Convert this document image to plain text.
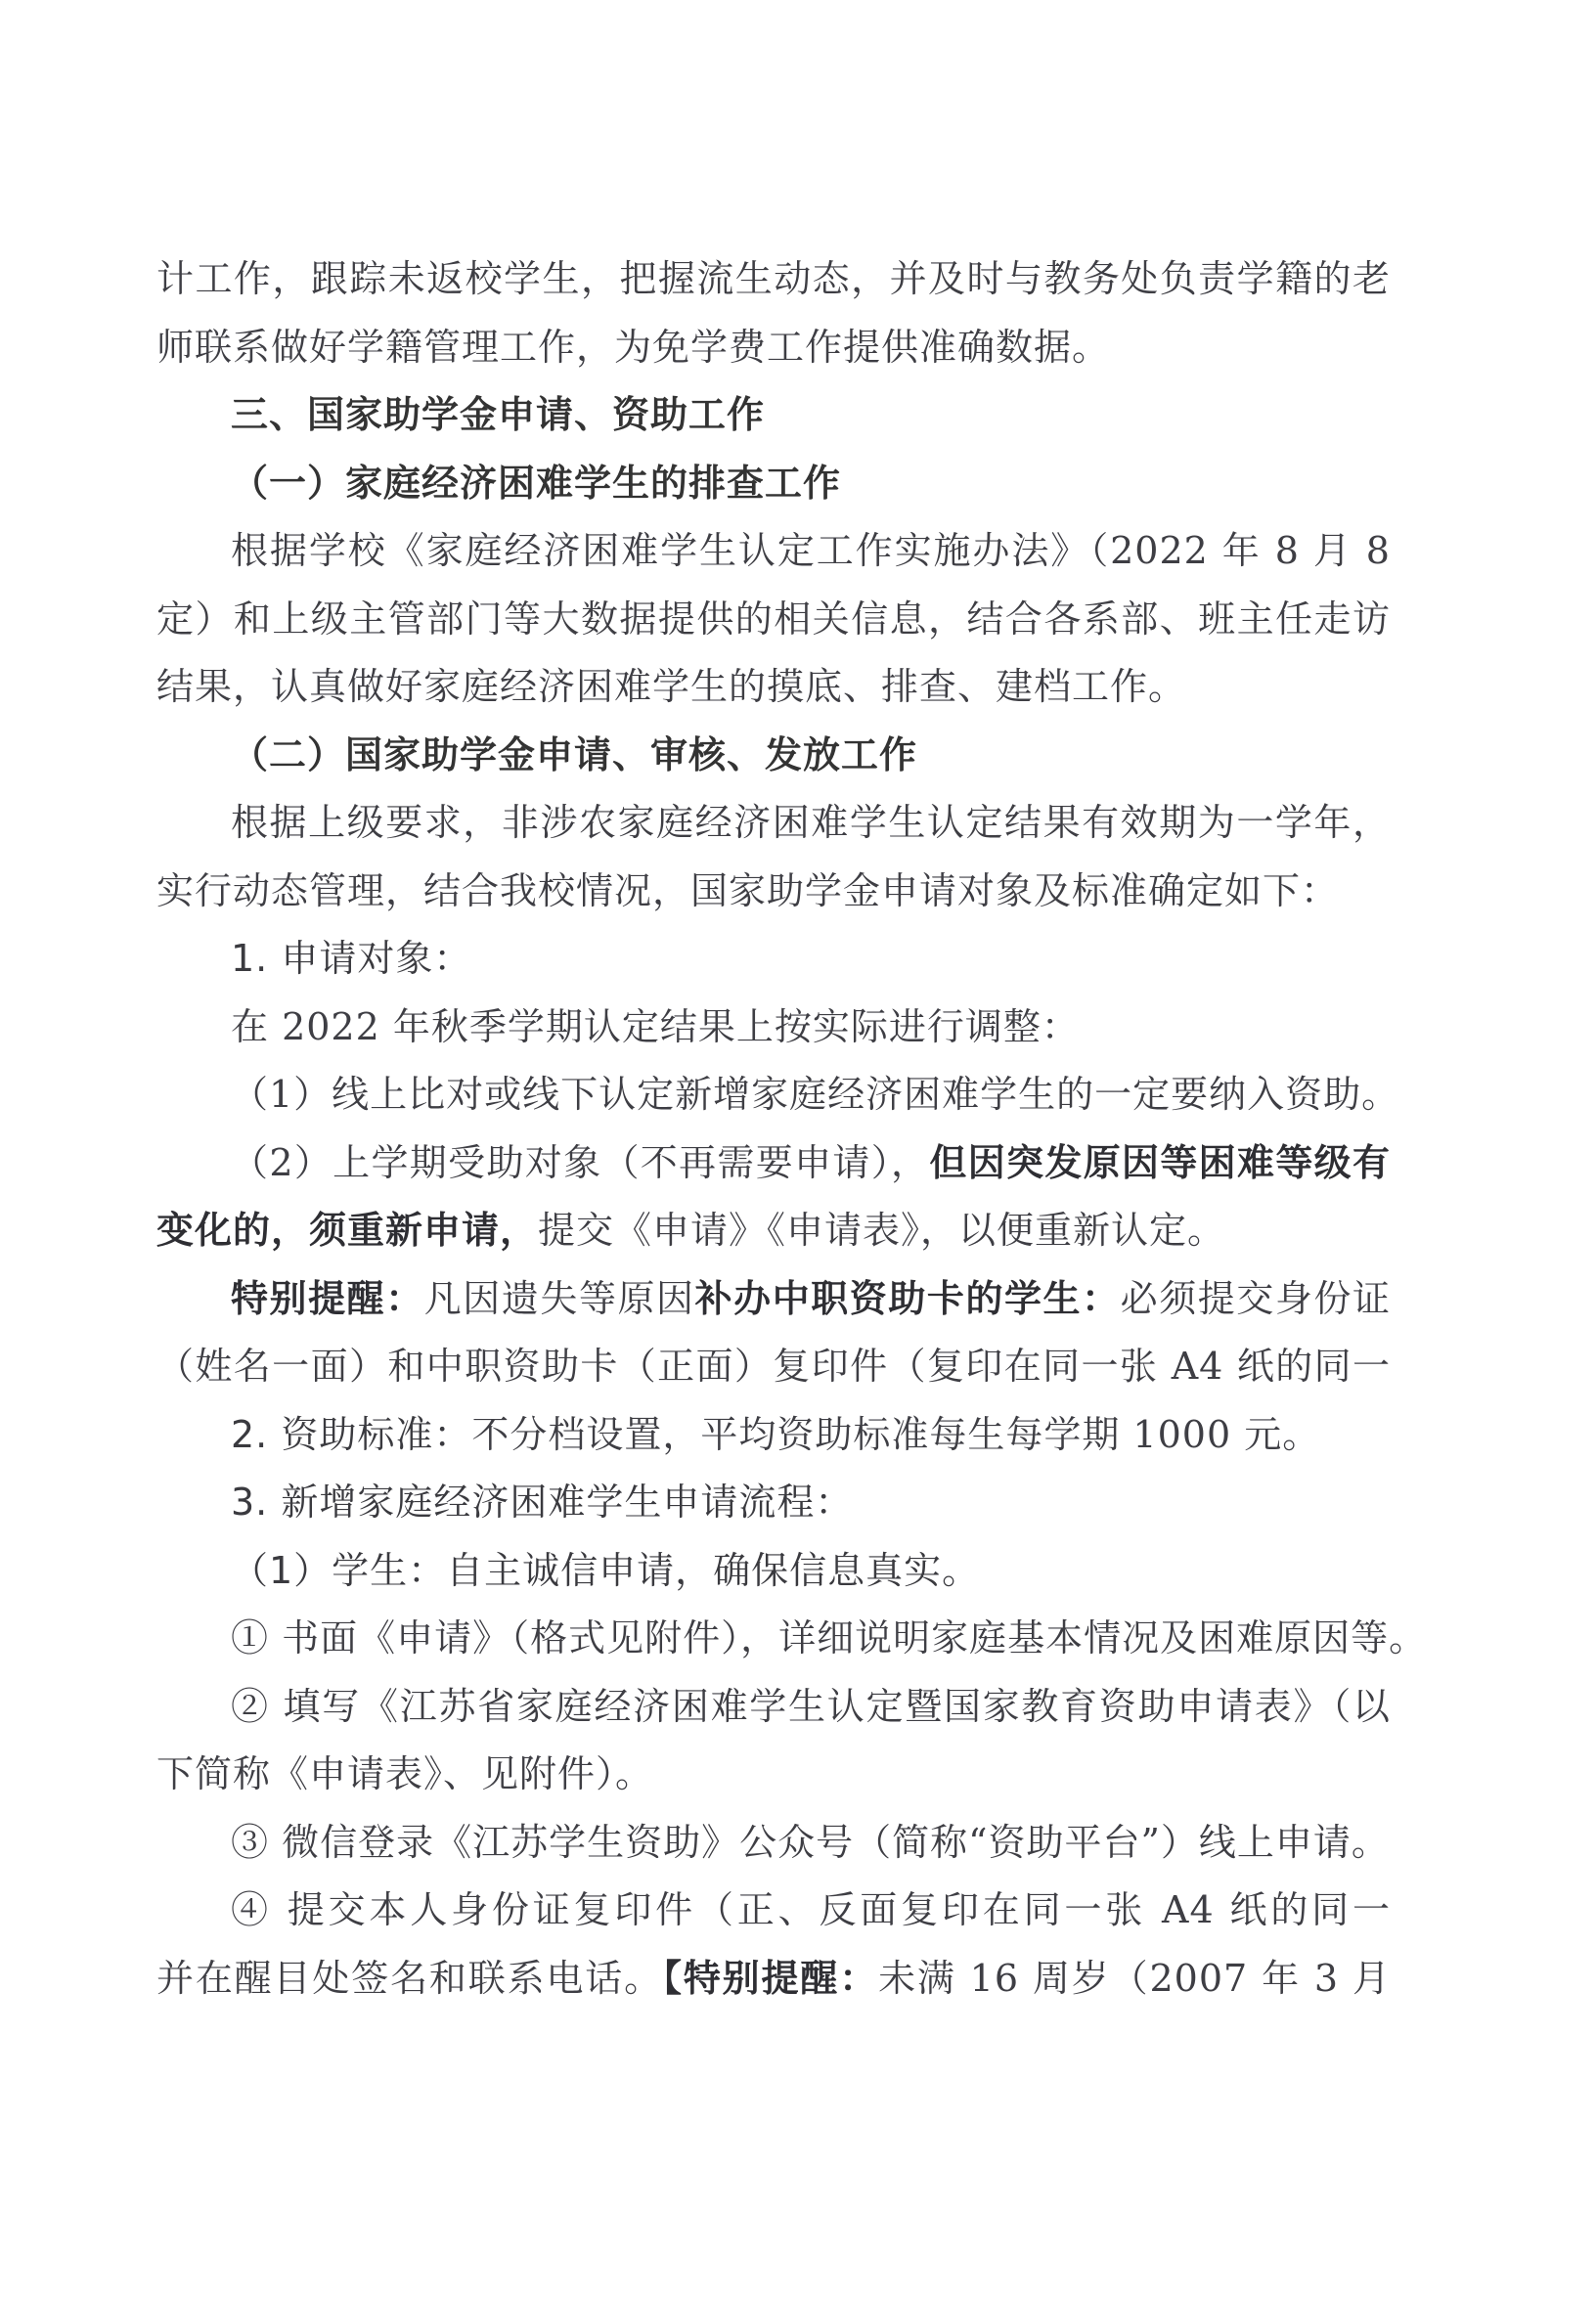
计工作，跟踪未返校学生，把握流生动态，并及时与教务处负责学籍的老
师联系做好学籍管理工作，为免学费工作提供准确数据。
三、国家助学金申请、资助工作
（一）家庭经济困难学生的排查工作
根据学校《家庭经济困难学生认定工作实施办法》（2022 年 8 月 8
定）和上级主管部门等大数据提供的相关信息，结合各系部、班主任走访
结果，认真做好家庭经济困难学生的摸底、排查、建档工作。
（二）国家助学金申请、审核、发放工作
根据上级要求，非涉农家庭经济困难学生认定结果有效期为一学年，
实行动态管理，结合我校情况，国家助学金申请对象及标准确定如下：
1. 申请对象：
在 2022 年秋季学期认定结果上按实际进行调整：
（1）线上比对或线下认定新增家庭经济困难学生的一定要纳入资助。
（2）上学期受助对象（不再需要申请），但因突发原因等困难等级有
变化的，须重新申请，提交《申请》《申请表》，以便重新认定。
特别提醒：凡因遗失等原因补办中职资助卡的学生：必须提交身份证
（姓名一面）和中职资助卡（正面）复印件（复印在同一张 A4 纸的同一
2. 资助标准：不分档设置，平均资助标准每生每学期 1000 元。
3. 新增家庭经济困难学生申请流程：
（1）学生：自主诚信申请，确保信息真实。
① 书面《申请》（格式见附件），详细说明家庭基本情况及困难原因等。
② 填写《江苏省家庭经济困难学生认定暨国家教育资助申请表》（以
下简称《申请表》、见附件）。
③ 微信登录《江苏学生资助》公众号（简称“资助平台”）线上申请。
④ 提交本人身份证复印件（正、反面复印在同一张 A4 纸的同一
并在醒目处签名和联系电话。【特别提醒：未满 16 周岁（2007 年 3 月
